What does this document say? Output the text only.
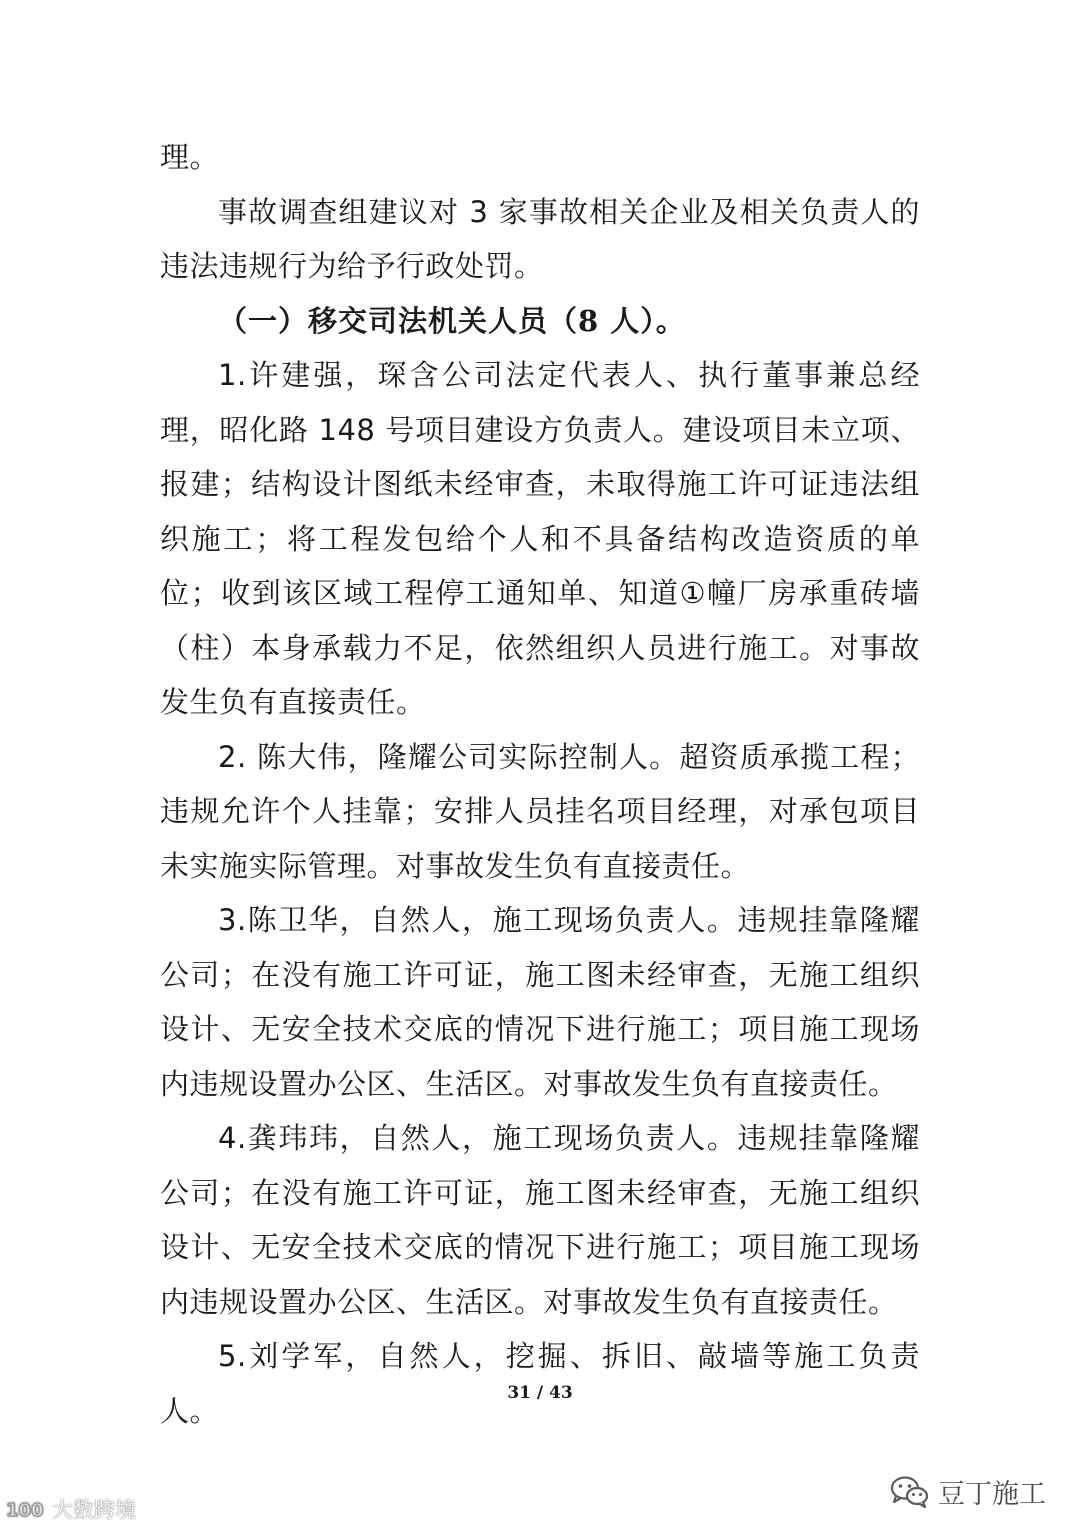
理。

事故调查组建议对 3 家事故相关企业及相关负责人的违法违规行为给予行政处罚。

（一）移交司法机关人员（8 人）。

1.许建强，琛含公司法定代表人、执行董事兼总经理，昭化路 148 号项目建设方负责人。建设项目未立项、报建；结构设计图纸未经审查，未取得施工许可证违法组织施工；将工程发包给个人和不具备结构改造资质的单位；收到该区域工程停工通知单、知道①幢厂房承重砖墙（柱）本身承载力不足，依然组织人员进行施工。对事故发生负有直接责任。

2. 陈大伟，隆耀公司实际控制人。超资质承揽工程；违规允许个人挂靠；安排人员挂名项目经理，对承包项目未实施实际管理。对事故发生负有直接责任。

3.陈卫华，自然人，施工现场负责人。违规挂靠隆耀公司；在没有施工许可证，施工图未经审查，无施工组织设计、无安全技术交底的情况下进行施工；项目施工现场内违规设置办公区、生活区。对事故发生负有直接责任。

4.龚玮玮，自然人，施工现场负责人。违规挂靠隆耀公司；在没有施工许可证，施工图未经审查，无施工组织设计、无安全技术交底的情况下进行施工；项目施工现场内违规设置办公区、生活区。对事故发生负有直接责任。

5.刘学军，自然人，挖掘、拆旧、敲墙等施工负责人。

31 / 43
豆丁施工
100 大数跨境
